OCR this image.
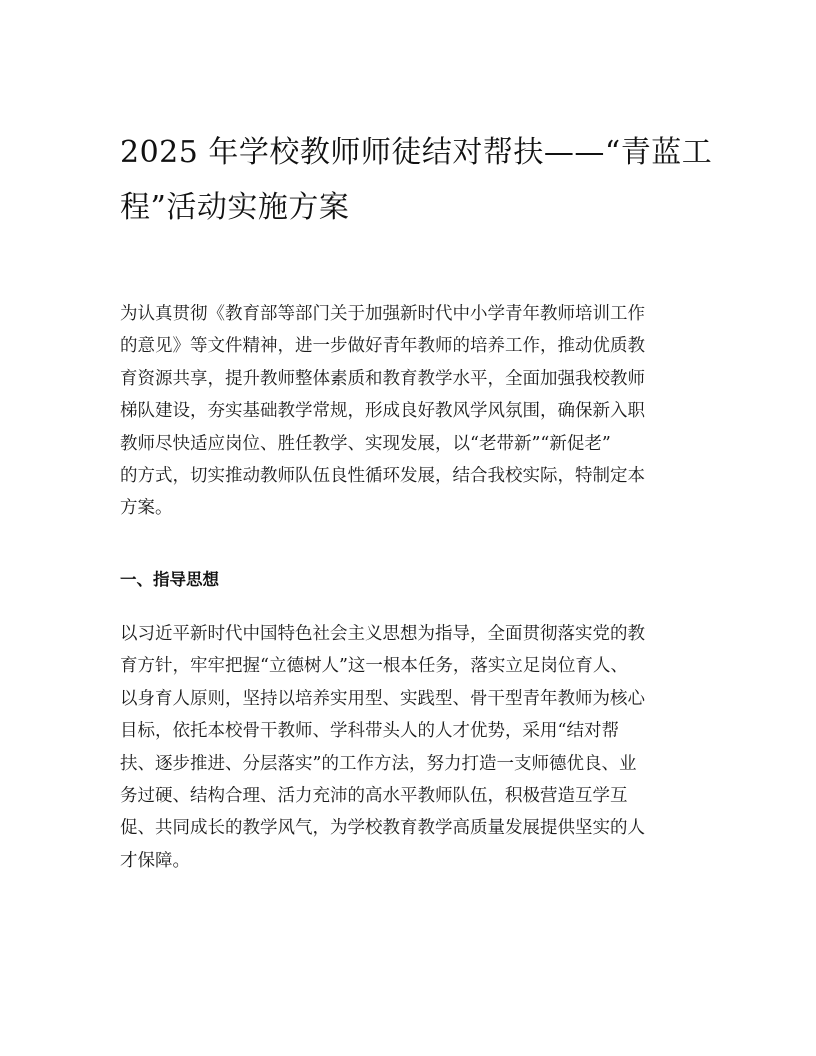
2025 年学校教师师徒结对帮扶——“青蓝工
程”活动实施方案

为认真贯彻《教育部等部门关于加强新时代中小学青年教师培训工作
的意见》等文件精神，进一步做好青年教师的培养工作，推动优质教
育资源共享，提升教师整体素质和教育教学水平，全面加强我校教师
梯队建设，夯实基础教学常规，形成良好教风学风氛围，确保新入职
教师尽快适应岗位、胜任教学、实现发展，以“老带新”“新促老”
的方式，切实推动教师队伍良性循环发展，结合我校实际，特制定本
方案。

一、指导思想

以习近平新时代中国特色社会主义思想为指导，全面贯彻落实党的教
育方针，牢牢把握“立德树人”这一根本任务，落实立足岗位育人、
以身育人原则，坚持以培养实用型、实践型、骨干型青年教师为核心
目标，依托本校骨干教师、学科带头人的人才优势，采用“结对帮
扶、逐步推进、分层落实”的工作方法，努力打造一支师德优良、业
务过硬、结构合理、活力充沛的高水平教师队伍，积极营造互学互
促、共同成长的教学风气，为学校教育教学高质量发展提供坚实的人
才保障。
